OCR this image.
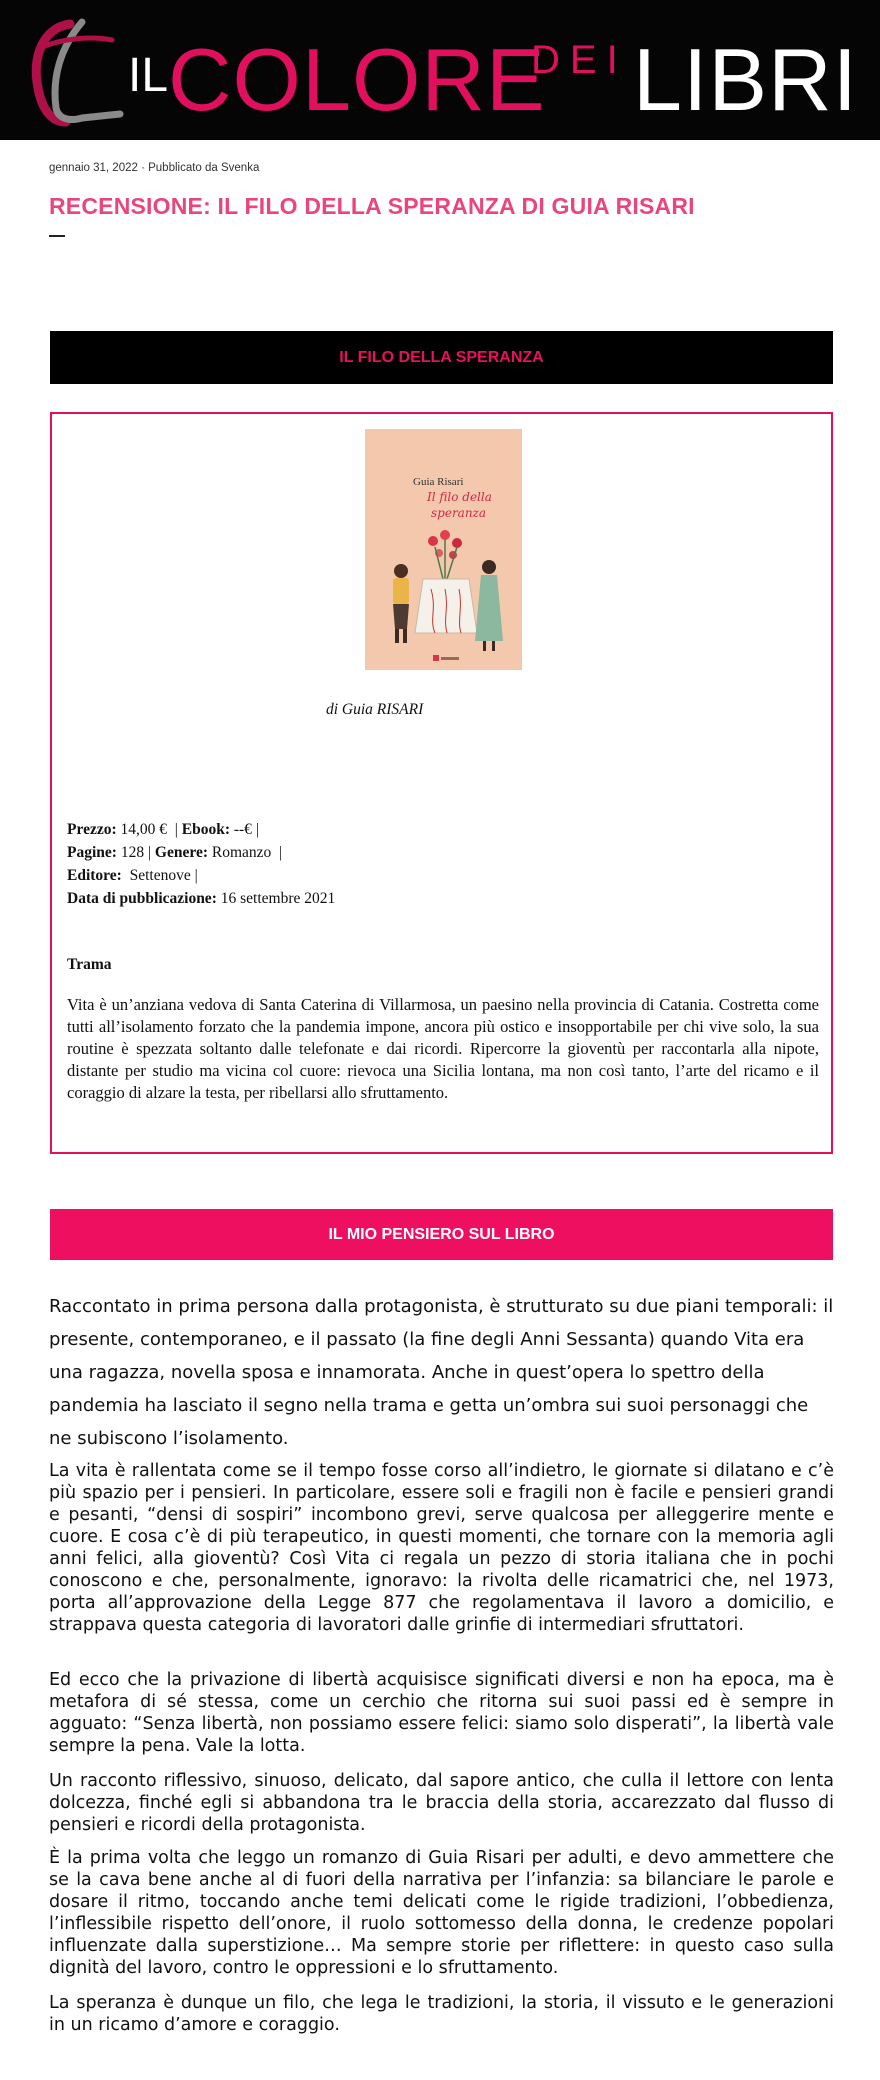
IL COLORE
DEI LIBRI
gennaio 31, 2022 · Pubblicato da Svenka
RECENSIONE: IL FILO DELLA SPERANZA DI GUIA RISARI
IL FILO DELLA SPERANZA
Guia Risari
Il filo della
speranza
di Guia RISARI
Prezzo: 14,00 €  | Ebook: --€ |
Pagine: 128 | Genere: Romanzo  |
Editore: Settenove |
Data di pubblicazione: 16 settembre 2021
Trama

Vita è un’anziana vedova di Santa Caterina di Villarmosa, un paesino nella provincia di Catania. Costretta come tutti all’isolamento forzato che la pandemia impone, ancora più ostico e insopportabile per chi vive solo, la sua routine è spezzata soltanto dalle telefonate e dai ricordi. Ripercorre la gioventù per raccontarla alla nipote, distante per studio ma vicina col cuore: rievoca una Sicilia lontana, ma non così tanto, l’arte del ricamo e il coraggio di alzare la testa, per ribellarsi allo sfruttamento.

IL MIO PENSIERO SUL LIBRO

Raccontato in prima persona dalla protagonista, è strutturato su due piani temporali: il presente, contemporaneo, e il passato (la fine degli Anni Sessanta) quando Vita era una ragazza, novella sposa e innamorata. Anche in quest’opera lo spettro della pandemia ha lasciato il segno nella trama e getta un’ombra sui suoi personaggi che ne subiscono l’isolamento.

La vita è rallentata come se il tempo fosse corso all’indietro, le giornate si dilatano e c’è più spazio per i pensieri. In particolare, essere soli e fragili non è facile e pensieri grandi e pesanti, “densi di sospiri” incombono grevi, serve qualcosa per alleggerire mente e cuore. E cosa c’è di più terapeutico, in questi momenti, che tornare con la memoria agli anni felici, alla gioventù? Così Vita ci regala un pezzo di storia italiana che in pochi conoscono e che, personalmente, ignoravo: la rivolta delle ricamatrici che, nel 1973, porta all’approvazione della Legge 877 che regolamentava il lavoro a domicilio, e strappava questa categoria di lavoratori dalle grinfie di intermediari sfruttatori.

Ed ecco che la privazione di libertà acquisisce significati diversi e non ha epoca, ma è metafora di sé stessa, come un cerchio che ritorna sui suoi passi ed è sempre in agguato: “Senza libertà, non possiamo essere felici: siamo solo disperati”, la libertà vale sempre la pena. Vale la lotta.

Un racconto riflessivo, sinuoso, delicato, dal sapore antico, che culla il lettore con lenta dolcezza, finché egli si abbandona tra le braccia della storia, accarezzato dal flusso di pensieri e ricordi della protagonista.

È la prima volta che leggo un romanzo di Guia Risari per adulti, e devo ammettere che se la cava bene anche al di fuori della narrativa per l’infanzia: sa bilanciare le parole e dosare il ritmo, toccando anche temi delicati come le rigide tradizioni, l’obbedienza, l’inflessibile rispetto dell’onore, il ruolo sottomesso della donna, le credenze popolari influenzate dalla superstizione… Ma sempre storie per riflettere: in questo caso sulla dignità del lavoro, contro le oppressioni e lo sfruttamento.

La speranza è dunque un filo, che lega le tradizioni, la storia, il vissuto e le generazioni in un ricamo d’amore e coraggio.
